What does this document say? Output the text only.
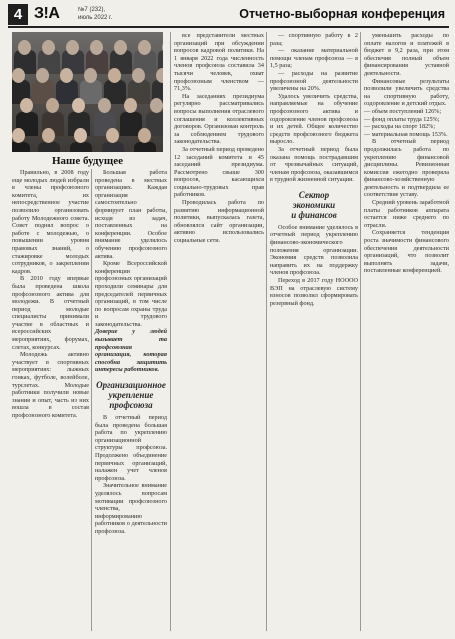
4 З!А	№7 (232),
июль 2022 г.	Отчетно-выборная конференция
Наше будущее

Правильно, в 2008 году еще молодых людей избрали в члены профсоюзного комитета, их непосредственное участие позволило организовать работу Молодежного совета. Совет поднял вопрос о работе с молодежью, о повышении уровня правовых знаний, о стажировке молодых сотрудников, о закреплении кадров.

В 2010 году впервые была проведена школа профсоюзного актива для молодежи. В отчетный период молодые специалисты принимали участие в областных и всероссийских мероприятиях, форумах, слетах, конкурсах.

Молодежь активно участвует в спортивных мероприятиях: лыжных гонках, футболе, волейболе, турслетах. Молодые работники получили новые знания и опыт, часть из них вошла в состав профсоюзного комитета.

Большая работа проведена в местных организациях. Каждая организация самостоятельно формирует план работы, исходя из задач, поставленных на конференции. Особое внимание уделялось обучению профсоюзного актива.

Кроме Всероссийской конференции профсоюзных организаций проходили семинары для председателей первичных организаций, в том числе по вопросам охраны труда и трудового законодательства.

Доверие у людей вызывает та профсоюзная организация, которая способна защитить интересы работников.

Организационное
укрепление
профсоюза

В отчетный период была проведена большая работа по укреплению организационной структуры профсоюза. Продолжено объединение первичных организаций, налажен учет членов профсоюза.

Значительное внимание уделялось вопросам мотивации профсоюзного членства, информированию работников о деятельности профсоюза.

все представители местных организаций при обсуждении вопросов кадровой политики. На 1 января 2022 года численность членов профсоюза составила 34 тысячи человек, охват профсоюзным членством — 71,3%.

На заседаниях президиума регулярно рассматривались вопросы выполнения отраслевого соглашения и коллективных договоров. Организован контроль за соблюдением трудового законодательства.

За отчетный период проведено 12 заседаний комитета и 45 заседаний президиума. Рассмотрено свыше 300 вопросов, касающихся социально-трудовых прав работников.

Проводилась работа по развитию информационной политики, выпускалась газета, обновлялся сайт организации, активно использовались социальные сети.

— спортивную работу в 2 раза;

— оказание материальной помощи членам профсоюза — в 1,5 раза;

— расходы на развитие профсоюзной деятельности увеличены на 20%.

Удалось увеличить средства, направляемые на обучение профсоюзного актива и оздоровление членов профсоюза и их детей. Общее количество средств профсоюзного бюджета выросло.

За отчетный период была оказана помощь пострадавшим от чрезвычайных ситуаций, членам профсоюза, оказавшимся в трудной жизненной ситуации.

Сектор
экономики
и финансов

Особое внимание уделялось в отчетный период укреплению финансово-экономического положения организации. Экономия средств позволила направить их на поддержку членов профсоюза.

Переход в 2017 году НОООО ВЭП на отраслевую систему взносов позволил сформировать резервный фонд.

уменьшить расходы по оплате налогов и платежей в бюджет в 9,2 раза, при этом обеспечив полный объем финансирования уставной деятельности.

Финансовые результаты позволили увеличить средства на спортивную работу, оздоровление и детский отдых.

— объем поступлений 126%;
— фонд оплаты труда 125%;
— расходы на спорт 182%;
— материальная помощь 153%.

В отчетный период продолжилась работа по укреплению финансовой дисциплины. Ревизионная комиссия ежегодно проверяла финансово-хозяйственную деятельность и подтвердила ее соответствие уставу.

Средний уровень заработной платы работников аппарата остается ниже среднего по отрасли.

Сохраняется тенденция роста значимости финансового обеспечения деятельности организаций, что позволит выполнять задачи, поставленные конференцией.
